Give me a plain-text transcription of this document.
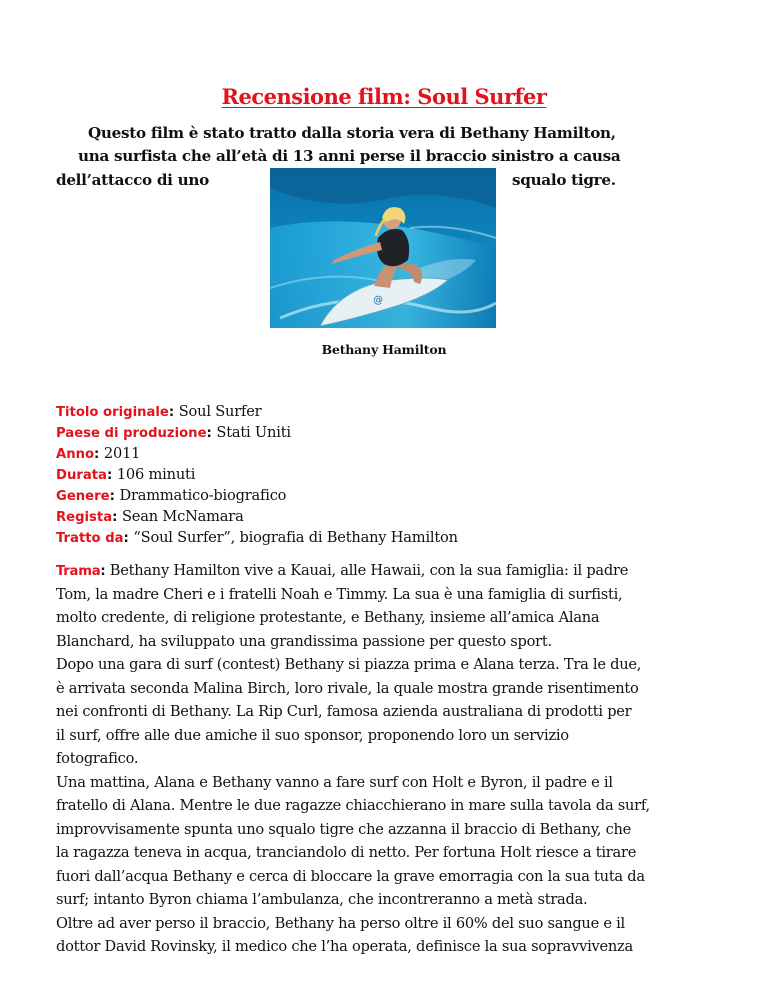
Recensione film: Soul Surfer
Questo film è stato tratto dalla storia vera di Bethany Hamilton,
una surfista che all’età di 13 anni perse il braccio sinistro a causa
dell’attacco di uno	squalo tigre.
@
Bethany Hamilton
Titolo originale: Soul Surfer
Paese di produzione: Stati Uniti
Anno: 2011
Durata: 106 minuti
Genere: Drammatico-biografico
Regista: Sean McNamara
Tratto da: “Soul Surfer”, biografia di Bethany Hamilton
Trama: Bethany Hamilton vive a Kauai, alle Hawaii, con la sua famiglia: il padre
Tom, la madre Cheri e i fratelli Noah e Timmy. La sua è una famiglia di surfisti,
molto credente, di religione protestante, e Bethany, insieme all’amica Alana
Blanchard, ha sviluppato una grandissima passione per questo sport.
Dopo una gara di surf (contest) Bethany si piazza prima e Alana terza. Tra le due,
è arrivata seconda Malina Birch, loro rivale, la quale mostra grande risentimento
nei confronti di Bethany. La Rip Curl, famosa azienda australiana di prodotti per
il surf, offre alle due amiche il suo sponsor, proponendo loro un servizio
fotografico.
Una mattina, Alana e Bethany vanno a fare surf con Holt e Byron, il padre e il
fratello di Alana. Mentre le due ragazze chiacchierano in mare sulla tavola da surf,
improvvisamente spunta uno squalo tigre che azzanna il braccio di Bethany, che
la ragazza teneva in acqua, tranciandolo di netto. Per fortuna Holt riesce a tirare
fuori dall’acqua Bethany e cerca di bloccare la grave emorragia con la sua tuta da
surf; intanto Byron chiama l’ambulanza, che incontreranno a metà strada.
Oltre ad aver perso il braccio, Bethany ha perso oltre il 60% del suo sangue e il
dottor David Rovinsky, il medico che l’ha operata, definisce la sua sopravvivenza
